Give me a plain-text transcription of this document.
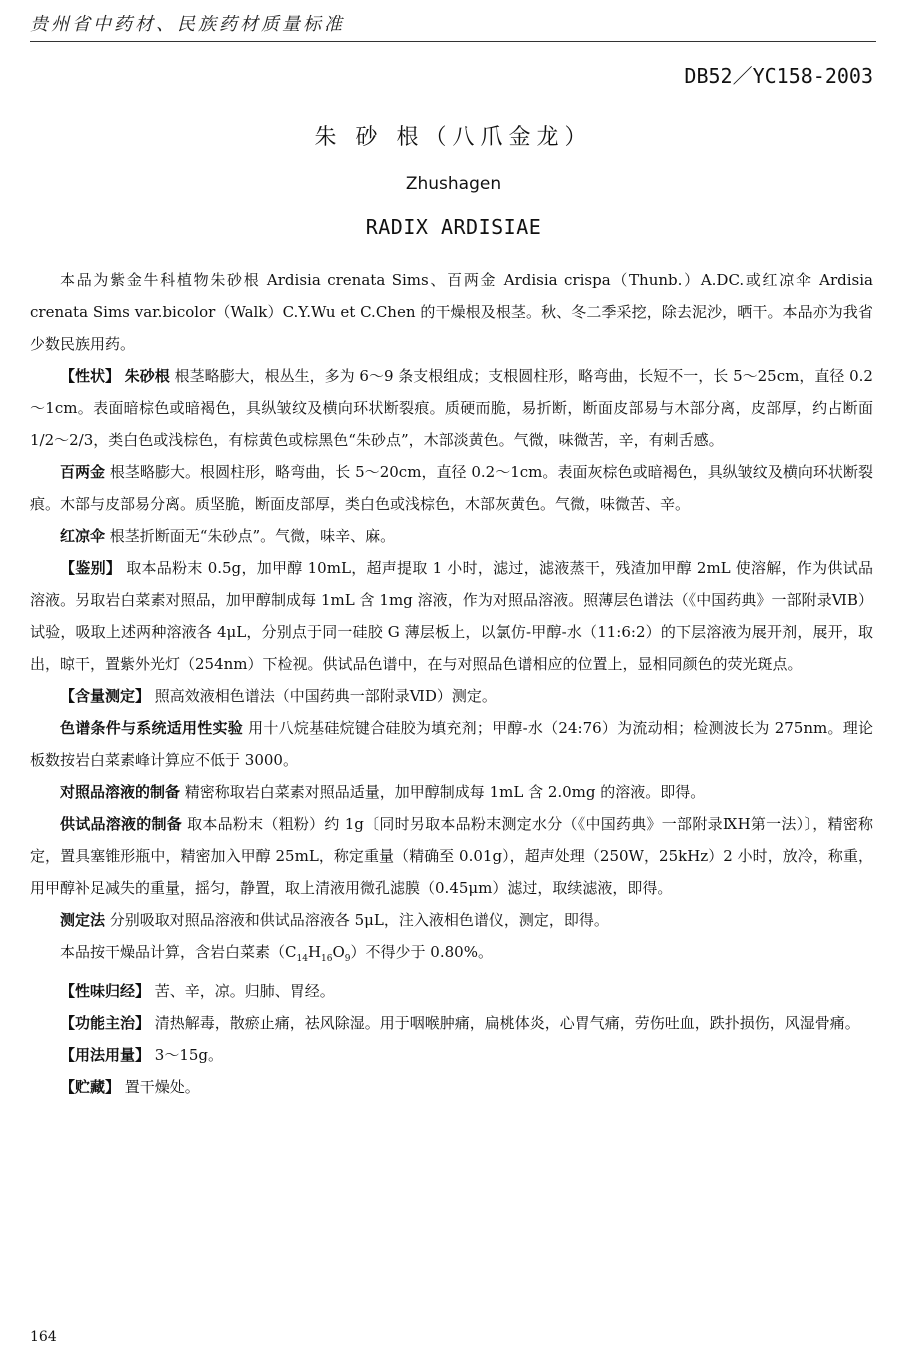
贵州省中药材、民族药材质量标准
DB52／YC158-2003
朱 砂 根（八爪金龙）
Zhushagen
RADIX ARDISIAE

本品为紫金牛科植物朱砂根 Ardisia crenata Sims、百两金 Ardisia crispa（Thunb.）A.DC.或红凉伞 Ardisia crenata Sims var.bicolor（Walk）C.Y.Wu et C.Chen 的干燥根及根茎。秋、冬二季采挖，除去泥沙，晒干。本品亦为我省少数民族用药。

【性状】 朱砂根 根茎略膨大，根丛生，多为 6～9 条支根组成；支根圆柱形，略弯曲，长短不一，长 5～25cm，直径 0.2～1cm。表面暗棕色或暗褐色，具纵皱纹及横向环状断裂痕。质硬而脆，易折断，断面皮部易与木部分离，皮部厚，约占断面 1/2～2/3，类白色或浅棕色，有棕黄色或棕黑色“朱砂点”，木部淡黄色。气微，味微苦，辛，有刺舌感。

百两金 根茎略膨大。根圆柱形，略弯曲，长 5～20cm，直径 0.2～1cm。表面灰棕色或暗褐色，具纵皱纹及横向环状断裂痕。木部与皮部易分离。质坚脆，断面皮部厚，类白色或浅棕色，木部灰黄色。气微，味微苦、辛。

红凉伞 根茎折断面无“朱砂点”。气微，味辛、麻。

【鉴别】 取本品粉末 0.5g，加甲醇 10mL，超声提取 1 小时，滤过，滤液蒸干，残渣加甲醇 2mL 使溶解，作为供试品溶液。另取岩白菜素对照品，加甲醇制成每 1mL 含 1mg 溶液，作为对照品溶液。照薄层色谱法（《中国药典》一部附录ⅥB）试验，吸取上述两种溶液各 4μL，分别点于同一硅胶 G 薄层板上，以氯仿-甲醇-水（11:6:2）的下层溶液为展开剂，展开，取出，晾干，置紫外光灯（254nm）下检视。供试品色谱中，在与对照品色谱相应的位置上，显相同颜色的荧光斑点。

【含量测定】 照高效液相色谱法（中国药典一部附录ⅥD）测定。

色谱条件与系统适用性实验 用十八烷基硅烷键合硅胶为填充剂；甲醇-水（24:76）为流动相；检测波长为 275nm。理论板数按岩白菜素峰计算应不低于 3000。

对照品溶液的制备 精密称取岩白菜素对照品适量，加甲醇制成每 1mL 含 2.0mg 的溶液。即得。

供试品溶液的制备 取本品粉末（粗粉）约 1g〔同时另取本品粉末测定水分（《中国药典》一部附录ⅨH第一法）〕，精密称定，置具塞锥形瓶中，精密加入甲醇 25mL，称定重量（精确至 0.01g），超声处理（250W，25kHz）2 小时，放冷，称重，用甲醇补足减失的重量，摇匀，静置，取上清液用微孔滤膜（0.45μm）滤过，取续滤液，即得。

测定法 分别吸取对照品溶液和供试品溶液各 5μL，注入液相色谱仪，测定，即得。

本品按干燥品计算，含岩白菜素$(C_{14}H_{16}O_9)$不得少于 0.80%。

【性味归经】 苦、辛，凉。归肺、胃经。

【功能主治】 清热解毒，散瘀止痛，祛风除湿。用于咽喉肿痛，扁桃体炎，心胃气痛，劳伤吐血，跌扑损伤，风湿骨痛。

【用法用量】 3～15g。

【贮藏】 置干燥处。

164
